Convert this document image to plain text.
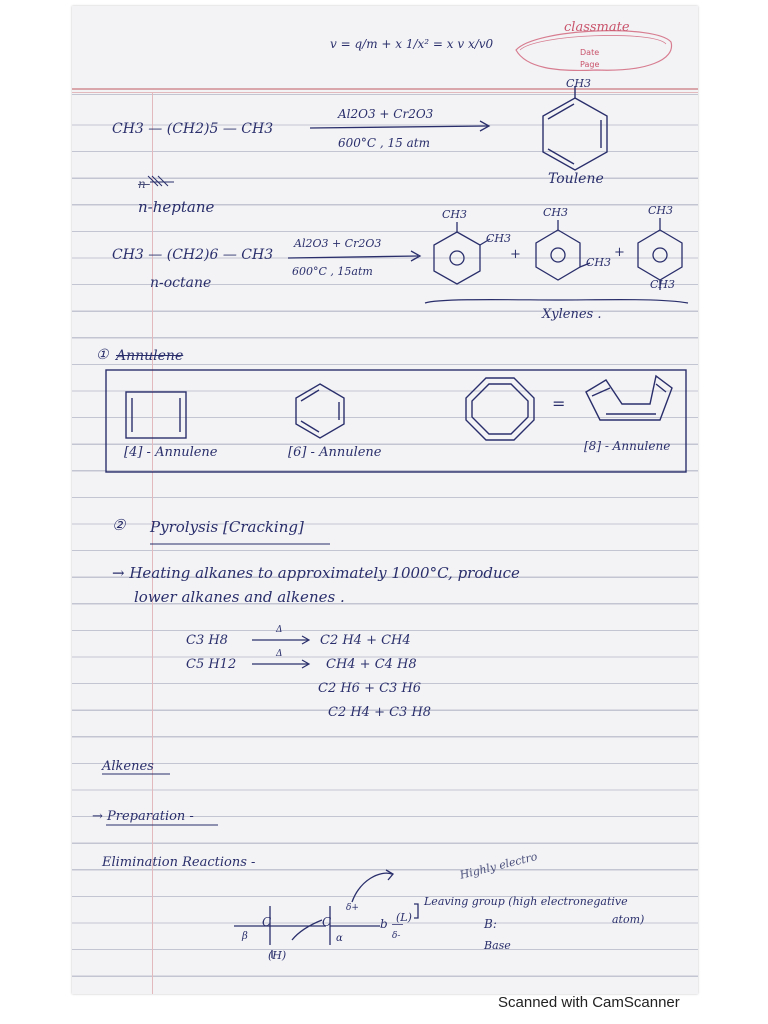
v = q/m + x 1/x² = x v x/v0
classmate
Date
Page
CH3 — (CH2)5 — CH3
Al2O3 + Cr2O3
600°C , 15 atm
n-
CH3
Toulene
n-heptane
CH3 — (CH2)6 — CH3
Al2O3 + Cr2O3
600°C , 15atm
n-octane
CH3
CH3
CH3
CH3
CH3
CH3
+	+
Xylenes .
① Annulene
[4] - Annulene	[6] - Annulene
=
[8] - Annulene
② Pyrolysis [Cracking]
→ Heating alkanes to approximately 1000°C, produce
lower alkanes and alkenes .
C3 H8
Δ
C2 H4 + CH4
C5 H12
Δ
CH4 + C4 H8
C2 H6 + C3 H6
C2 H4 + C3 H8
Alkenes
→ Preparation -
Elimination Reactions -	Highly electro
Leaving group (high electronegative
atom)
B:
Base
C	C	b —
(L)
δ+
δ-
α
β
(H)
Scanned with CamScanner
